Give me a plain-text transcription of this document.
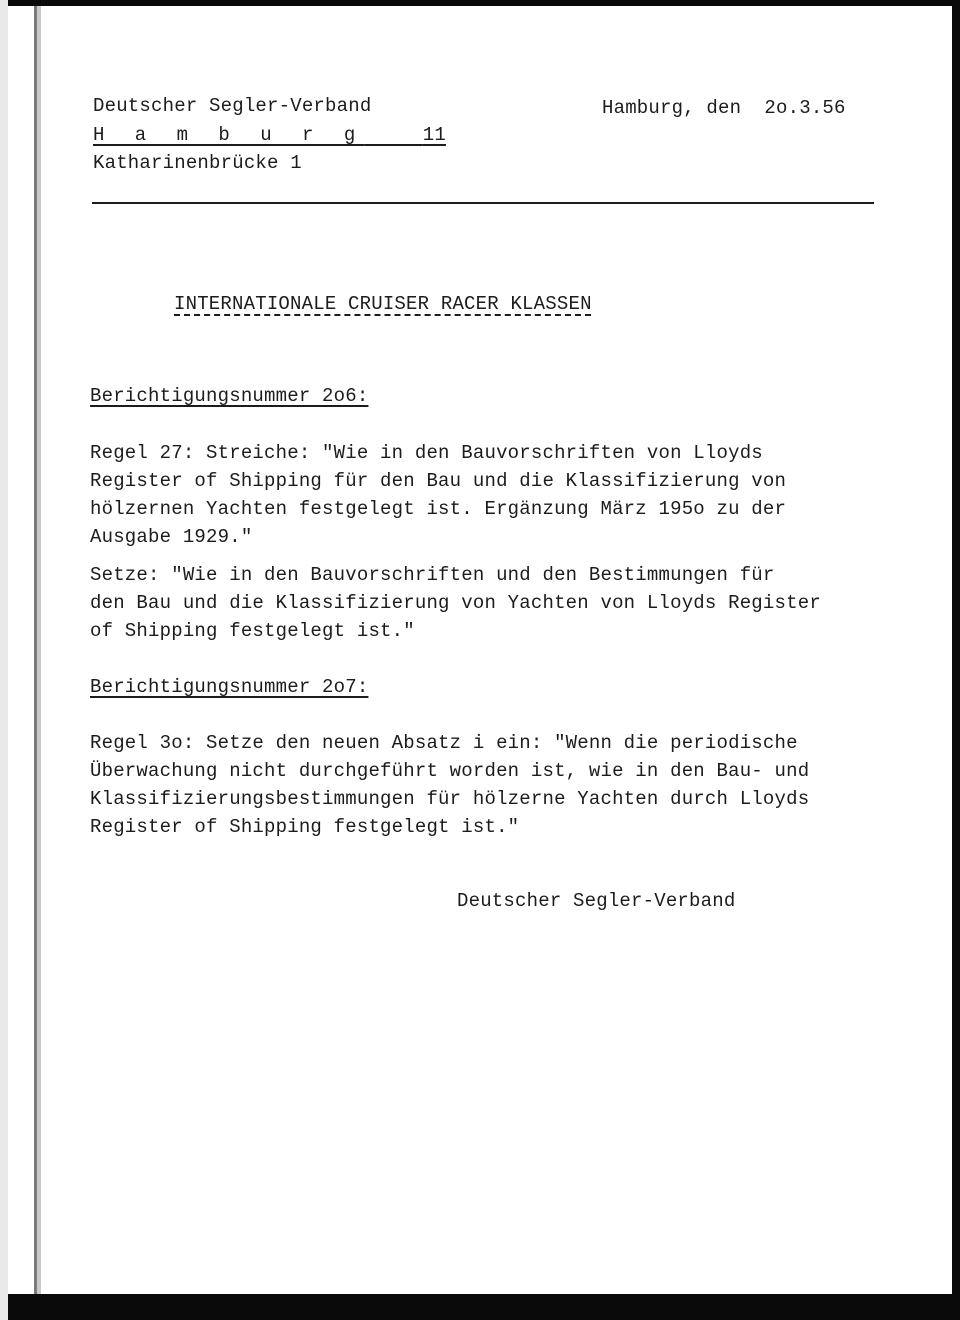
Deutscher Segler-Verband
H a m b u r g	11
Katharinenbrücke 1
Hamburg, den  2o.3.56
INTERNATIONALE CRUISER RACER KLASSEN
Berichtigungsnummer 2o6:
Regel 27: Streiche: "Wie in den Bauvorschriften von Lloyds
Register of Shipping für den Bau und die Klassifizierung von
hölzernen Yachten festgelegt ist. Ergänzung März 195o zu der
Ausgabe 1929."
Setze: "Wie in den Bauvorschriften und den Bestimmungen für
den Bau und die Klassifizierung von Yachten von Lloyds Register
of Shipping festgelegt ist."
Berichtigungsnummer 2o7:
Regel 3o: Setze den neuen Absatz i ein: "Wenn die periodische
Überwachung nicht durchgeführt worden ist, wie in den Bau- und
Klassifizierungsbestimmungen für hölzerne Yachten durch Lloyds
Register of Shipping festgelegt ist."
Deutscher Segler-Verband
